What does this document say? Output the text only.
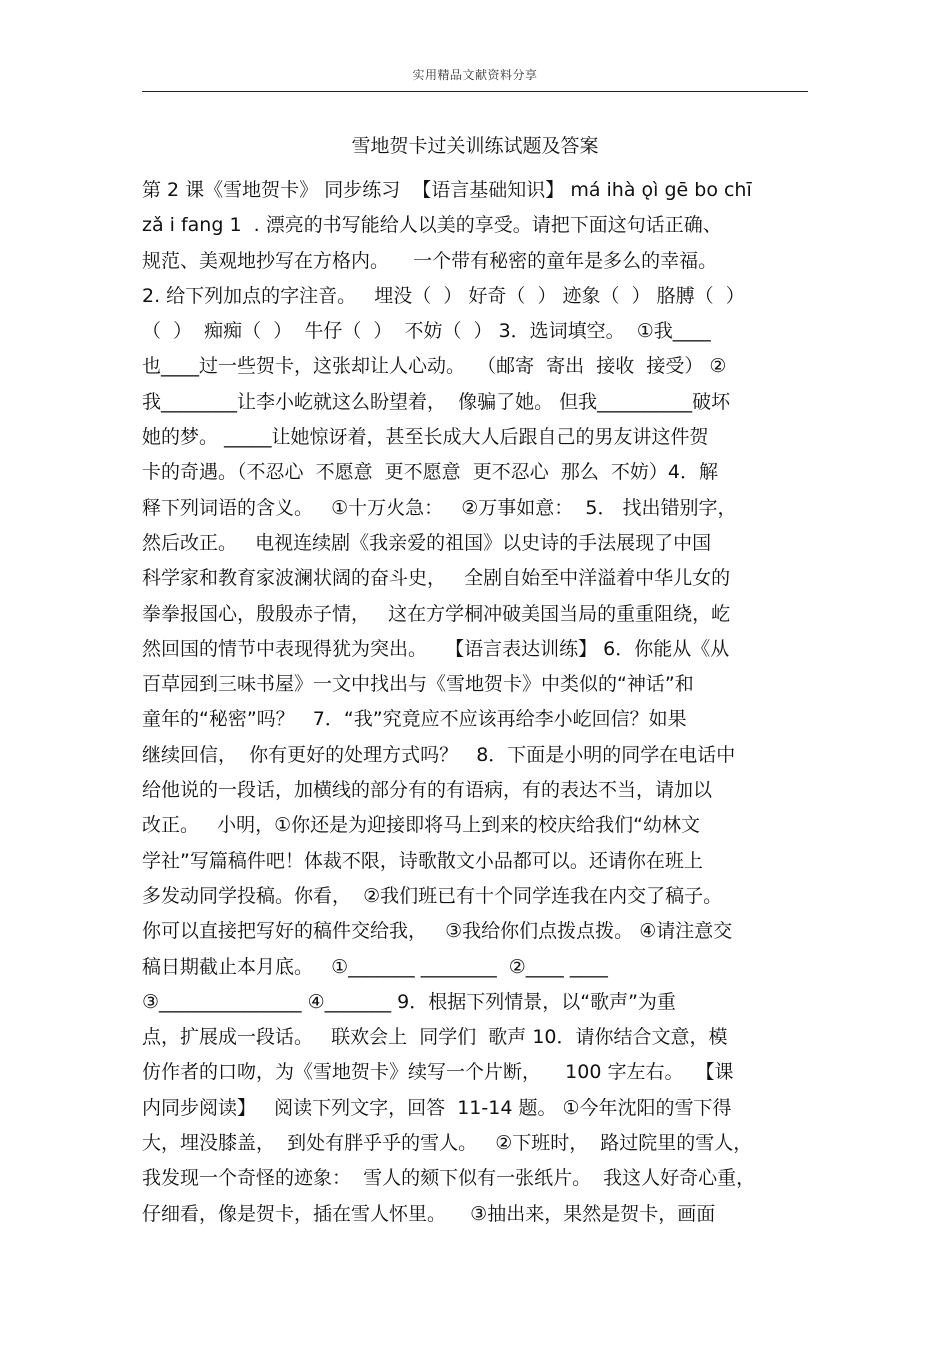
实用精品文献资料分享
雪地贺卡过关训练试题及答案
第 2 课《雪地贺卡》 同步练习  【语言基础知识】 má ihà ǫì gē bo chī
zǎ i fang 1  . 漂亮的书写能给人以美的享受。请把下面这句话正确、
规范、美观地抄写在方格内。    一个带有秘密的童年是多么的幸福。
2. 给下列加点的字注音。   埋没（  ） 好奇（  ） 迹象（  ） 胳膊（  ）
（  ）  痴痴（  ）  牛仔（  ）  不妨（  ） 3．选词填空。  ①我____
也____过一些贺卡，这张却让人心动。  （邮寄  寄出  接收  接受） ②
我________让李小屹就这么盼望着，  像骗了她。 但我__________破坏
她的梦。 _____让她惊讶着，甚至长成大人后跟自己的男友讲这件贺
卡的奇遇。（不忍心  不愿意  更不愿意  更不忍心  那么  不妨）4．解
释下列词语的含义。   ①十万火急：   ②万事如意：  5． 找出错别字，
然后改正。   电视连续剧《我亲爱的祖国》以史诗的手法展现了中国
科学家和教育家波澜状阔的奋斗史，   全剧自始至中洋溢着中华儿女的
拳拳报国心，殷殷赤子情，   这在方学桐冲破美国当局的重重阻绕，屹
然回国的情节中表现得犹为突出。   【语言表达训练】 6．你能从《从
百草园到三味书屋》一文中找出与《雪地贺卡》中类似的“神话”和
童年的“秘密”吗？   7．“我”究竟应不应该再给李小屹回信？如果
继续回信，  你有更好的处理方式吗？   8．下面是小明的同学在电话中
给他说的一段话，加横线的部分有的有语病，有的表达不当，请加以
改正。   小明，①你还是为迎接即将马上到来的校庆给我们“幼林文
学社”写篇稿件吧！体裁不限，诗歌散文小品都可以。还请你在班上
多发动同学投稿。你看，  ②我们班已有十个同学连我在内交了稿子。
你可以直接把写好的稿件交给我，   ③我给你们点拨点拨。 ④请注意交
稿日期截止本月底。   ①_______ ________  ②____ ____
③_______________ ④_______ 9．根据下列情景，以“歌声”为重
点，扩展成一段话。   联欢会上  同学们  歌声 10．请你结合文意，模
仿作者的口吻，为《雪地贺卡》续写一个片断，    100 字左右。  【课
内同步阅读】   阅读下列文字，回答  11-14 题。 ①今年沈阳的雪下得
大，埋没膝盖，  到处有胖乎乎的雪人。   ②下班时，  路过院里的雪人，
我发现一个奇怪的迹象：  雪人的颏下似有一张纸片。  我这人好奇心重，
仔细看，像是贺卡，插在雪人怀里。    ③抽出来，果然是贺卡，画面
